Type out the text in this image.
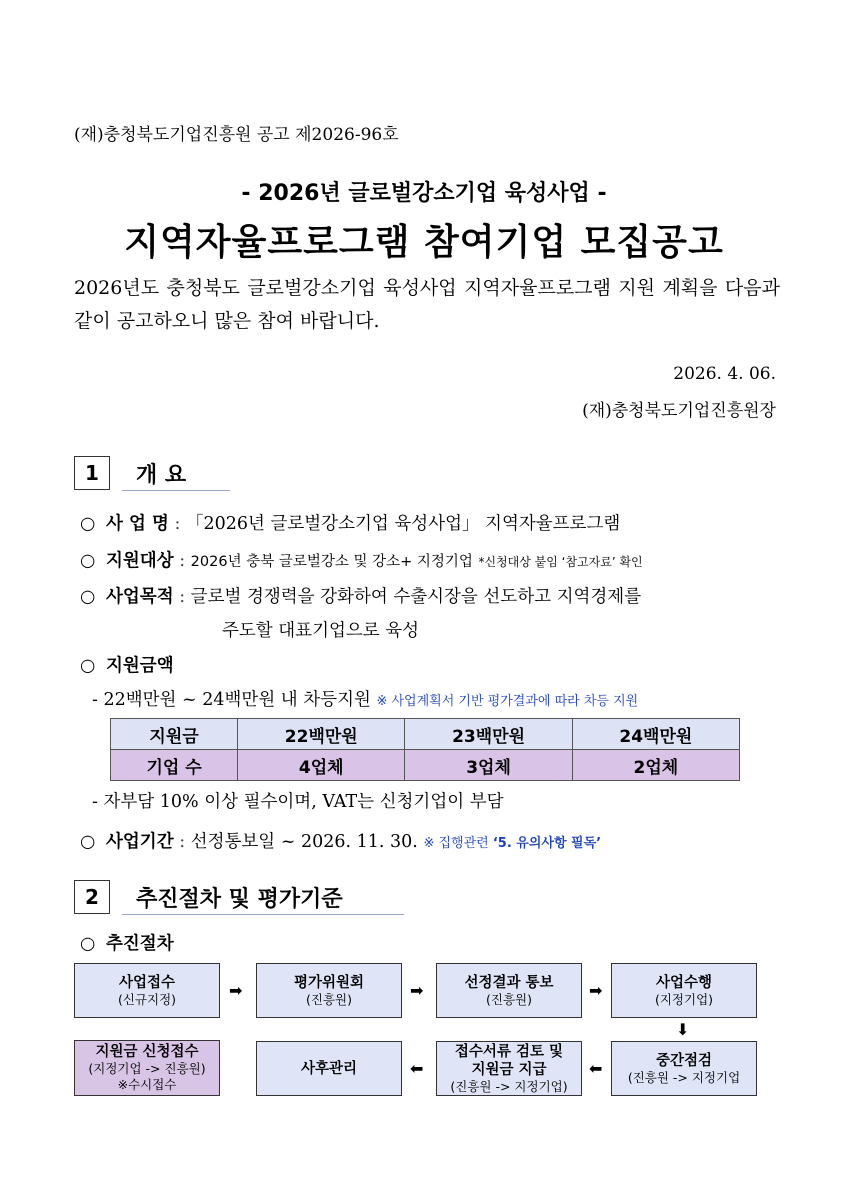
(재)충청북도기업진흥원 공고 제2026-96호
- 2026년 글로벌강소기업 육성사업 -
지역자율프로그램 참여기업 모집공고
2026년도 충청북도 글로벌강소기업 육성사업 지역자율프로그램 지원 계획을 다음과 같이 공고하오니 많은 참여 바랍니다.
2026. 4. 06.
(재)충청북도기업진흥원장
1	개 요
○ 사 업 명 : 「2026년 글로벌강소기업 육성사업」 지역자율프로그램
○ 지원대상 : 2026년 충북 글로벌강소 및 강소+ 지정기업 *신청대상 붙임 ‘참고자료’ 확인
○ 사업목적 : 글로벌 경쟁력을 강화하여 수출시장을 선도하고 지역경제를
주도할 대표기업으로 육성
○ 지원금액
- 22백만원 ~ 24백만원 내 차등지원 ※ 사업계획서 기반 평가결과에 따라 차등 지원
지원금	22백만원	23백만원	24백만원
기업 수	4업체	3업체	2업체
- 자부담 10% 이상 필수이며, VAT는 신청기업이 부담
○ 사업기간 : 선정통보일 ~ 2026. 11. 30. ※ 집행관련 ‘5. 유의사항 필독’
2	추진절차 및 평가기준
○ 추진절차
사업접수
(신규지정)	➡	평가위원회
(진흥원)	➡	선정결과 통보
(진흥원)	➡	사업수행
(지정기업)
⬇
지원금 신청접수
(지정기업 -> 진흥원)
※수시접수
사후관리	⬅
접수서류 검토 및
지원금 지급
(진흥원 -> 지정기업)
⬅	중간점검
(진흥원 -> 지정기업
